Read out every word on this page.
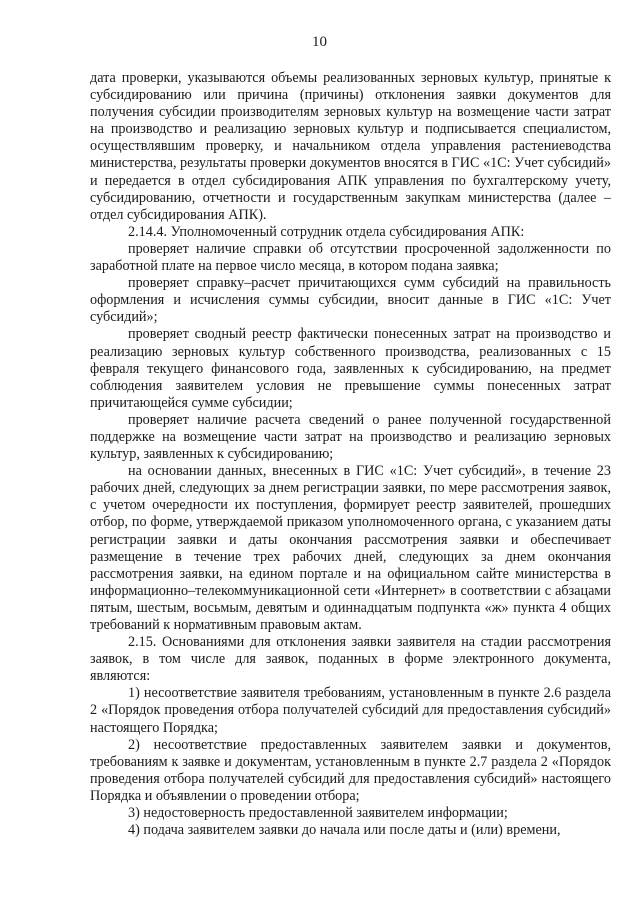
10

дата проверки, указываются объемы реализованных зерновых культур, принятые к субсидированию или причина (причины) отклонения заявки документов для получения субсидии производителям зерновых культур на возмещение части затрат на производство и реализацию зерновых культур и подписывается специалистом, осуществлявшим проверку, и начальником отдела управления растениеводства министерства, результаты проверки документов вносятся в ГИС «1С: Учет субсидий» и передается в отдел субсидирования АПК управления по бухгалтерскому учету, субсидированию, отчетности и государственным закупкам министерства (далее – отдел субсидирования АПК).

2.14.4. Уполномоченный сотрудник отдела субсидирования АПК:

проверяет наличие справки об отсутствии просроченной задолженности по заработной плате на первое число месяца, в котором подана заявка;

проверяет справку–расчет причитающихся сумм субсидий на правильность оформления и исчисления суммы субсидии, вносит данные в ГИС «1С: Учет субсидий»;

проверяет сводный реестр фактически понесенных затрат на производство и реализацию зерновых культур собственного производства, реализованных с 15 февраля текущего финансового года, заявленных к субсидированию, на предмет соблюдения заявителем условия не превышение суммы понесенных затрат причитающейся сумме субсидии;

проверяет наличие расчета сведений о ранее полученной государственной поддержке на возмещение части затрат на производство и реализацию зерновых культур, заявленных к субсидированию;

на основании данных, внесенных в ГИС «1С: Учет субсидий», в течение 23 рабочих дней, следующих за днем регистрации заявки, по мере рассмотрения заявок, с учетом очередности их поступления, формирует реестр заявителей, прошедших отбор, по форме, утверждаемой приказом уполномоченного органа, с указанием даты регистрации заявки и даты окончания рассмотрения заявки и обеспечивает размещение в течение трех рабочих дней, следующих за днем окончания рассмотрения заявки, на едином портале и на официальном сайте министерства в информационно–телекоммуникационной сети «Интернет» в соответствии с абзацами пятым, шестым, восьмым, девятым и одиннадцатым подпункта «ж» пункта 4 общих требований к нормативным правовым актам.

2.15. Основаниями для отклонения заявки заявителя на стадии рассмотрения заявок, в том числе для заявок, поданных в форме электронного документа, являются:

1) несоответствие заявителя требованиям, установленным в пункте 2.6 раздела 2 «Порядок проведения отбора получателей субсидий для предоставления субсидий» настоящего Порядка;

2) несоответствие предоставленных заявителем заявки и документов, требованиям к заявке и документам, установленным в пункте 2.7 раздела 2 «Порядок проведения отбора получателей субсидий для предоставления субсидий» настоящего Порядка и объявлении о проведении отбора;

3) недостоверность предоставленной заявителем информации;

4) подача заявителем заявки до начала или после даты и (или) времени,
